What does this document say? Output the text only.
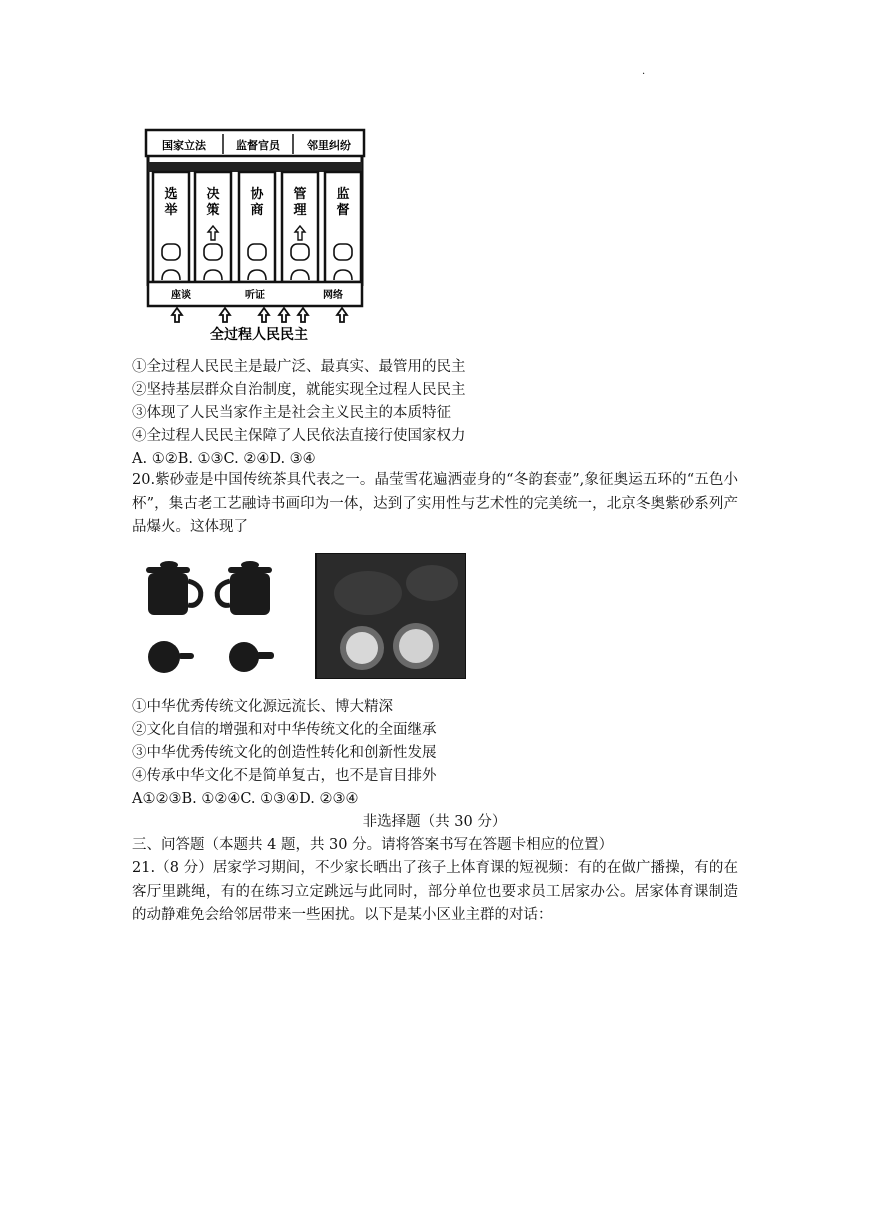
.
国家立法	监督官员 邻里纠纷
选
举
决
策
协
商
管
理
监
督
座谈	听证	网络
全过程人民民主
①全过程人民民主是最广泛、最真实、最管用的民主
②坚持基层群众自治制度，就能实现全过程人民民主
③体现了人民当家作主是社会主义民主的本质特征
④全过程人民民主保障了人民依法直接行使国家权力
A. ①②B. ①③C. ②④D. ③④
20.紫砂壶是中国传统茶具代表之一。晶莹雪花遍洒壶身的“冬韵套壶”,象征奥运五环的“五色小杯”，集古老工艺融诗书画印为一体，达到了实用性与艺术性的完美统一，北京冬奥紫砂系列产品爆火。这体现了
①中华优秀传统文化源远流长、博大精深
②文化自信的增强和对中华传统文化的全面继承
③中华优秀传统文化的创造性转化和创新性发展
④传承中华文化不是简单复古，也不是盲目排外
A①②③B. ①②④C. ①③④D. ②③④
非选择题（共 30 分）
三、问答题（本题共 4 题，共 30 分。请将答案书写在答题卡相应的位置）
21.（8 分）居家学习期间，不少家长晒出了孩子上体育课的短视频：有的在做广播操，有的在客厅里跳绳，有的在练习立定跳远与此同时，部分单位也要求员工居家办公。居家体育课制造的动静难免会给邻居带来一些困扰。以下是某小区业主群的对话：
